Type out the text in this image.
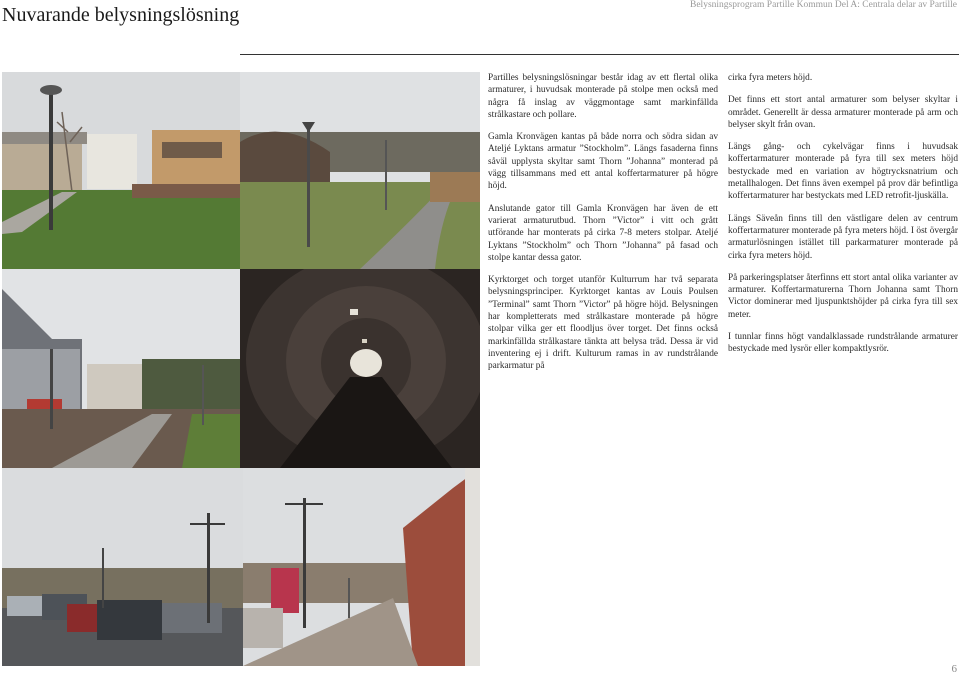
Nuvarande belysningslösning	Belysningsprogram Partille Kommun Del A: Centrala delar av Partille

Partilles belysningslösningar består idag av ett flertal olika armaturer, i huvudsak monterade på stolpe men också med några få inslag av väggmontage samt markinfällda strålkastare och pollare.

Gamla Kronvägen kantas på både norra och södra sidan av Ateljé Lyktans armatur ”Stockholm”. Längs fasaderna finns såväl upplysta skyltar samt Thorn ”Johanna” monterad på vägg tillsammans med ett antal koffertarmaturer på högre höjd.

Anslutande gator till Gamla Kronvägen har även de ett varierat armaturutbud. Thorn ”Victor” i vitt och grått utförande har monterats på cirka 7-8 meters stolpar. Ateljé Lyktans ”Stockholm” och Thorn ”Johanna” på fasad och stolpe kantar dessa gator.

Kyrktorget och torget utanför Kulturrum har två separata belysningsprinciper. Kyrktorget kantas av Louis Poulsen ”Terminal” samt Thorn ”Victor” på högre höjd. Belysningen har kompletterats med strålkastare monterade på högre stolpar vilka ger ett floodljus över torget. Det finns också markinfällda strålkastare tänkta att belysa träd. Dessa är vid inventering ej i drift. Kulturum ramas in av rundstrålande parkarmatur på

cirka fyra meters höjd.

Det finns ett stort antal armaturer som belyser skyltar i området. Generellt är dessa armaturer monterade på arm och belyser skylt från ovan.

Längs gång- och cykelvägar finns i huvudsak koffertarmaturer monterade på fyra till sex meters höjd bestyckade med en variation av högtrycksnatrium och metallhalogen. Det finns även exempel på prov där befintliga koffertarmaturer har bestyckats med LED retrofit-ljuskälla.

Längs Säveån finns till den västligare delen av centrum koffertarmaturer monterade på fyra meters höjd. I öst övergår armaturlösningen istället till parkarmaturer monterade på cirka fyra meters höjd.

På parkeringsplatser återfinns ett stort antal olika varianter av armaturer. Koffertarmaturerna Thorn Johanna samt Thorn Victor dominerar med ljuspunktshöjder på cirka fyra till sex meter.

I tunnlar finns högt vandalklassade rundstrålande armaturer bestyckade med lysrör eller kompaktlysrör.

6
